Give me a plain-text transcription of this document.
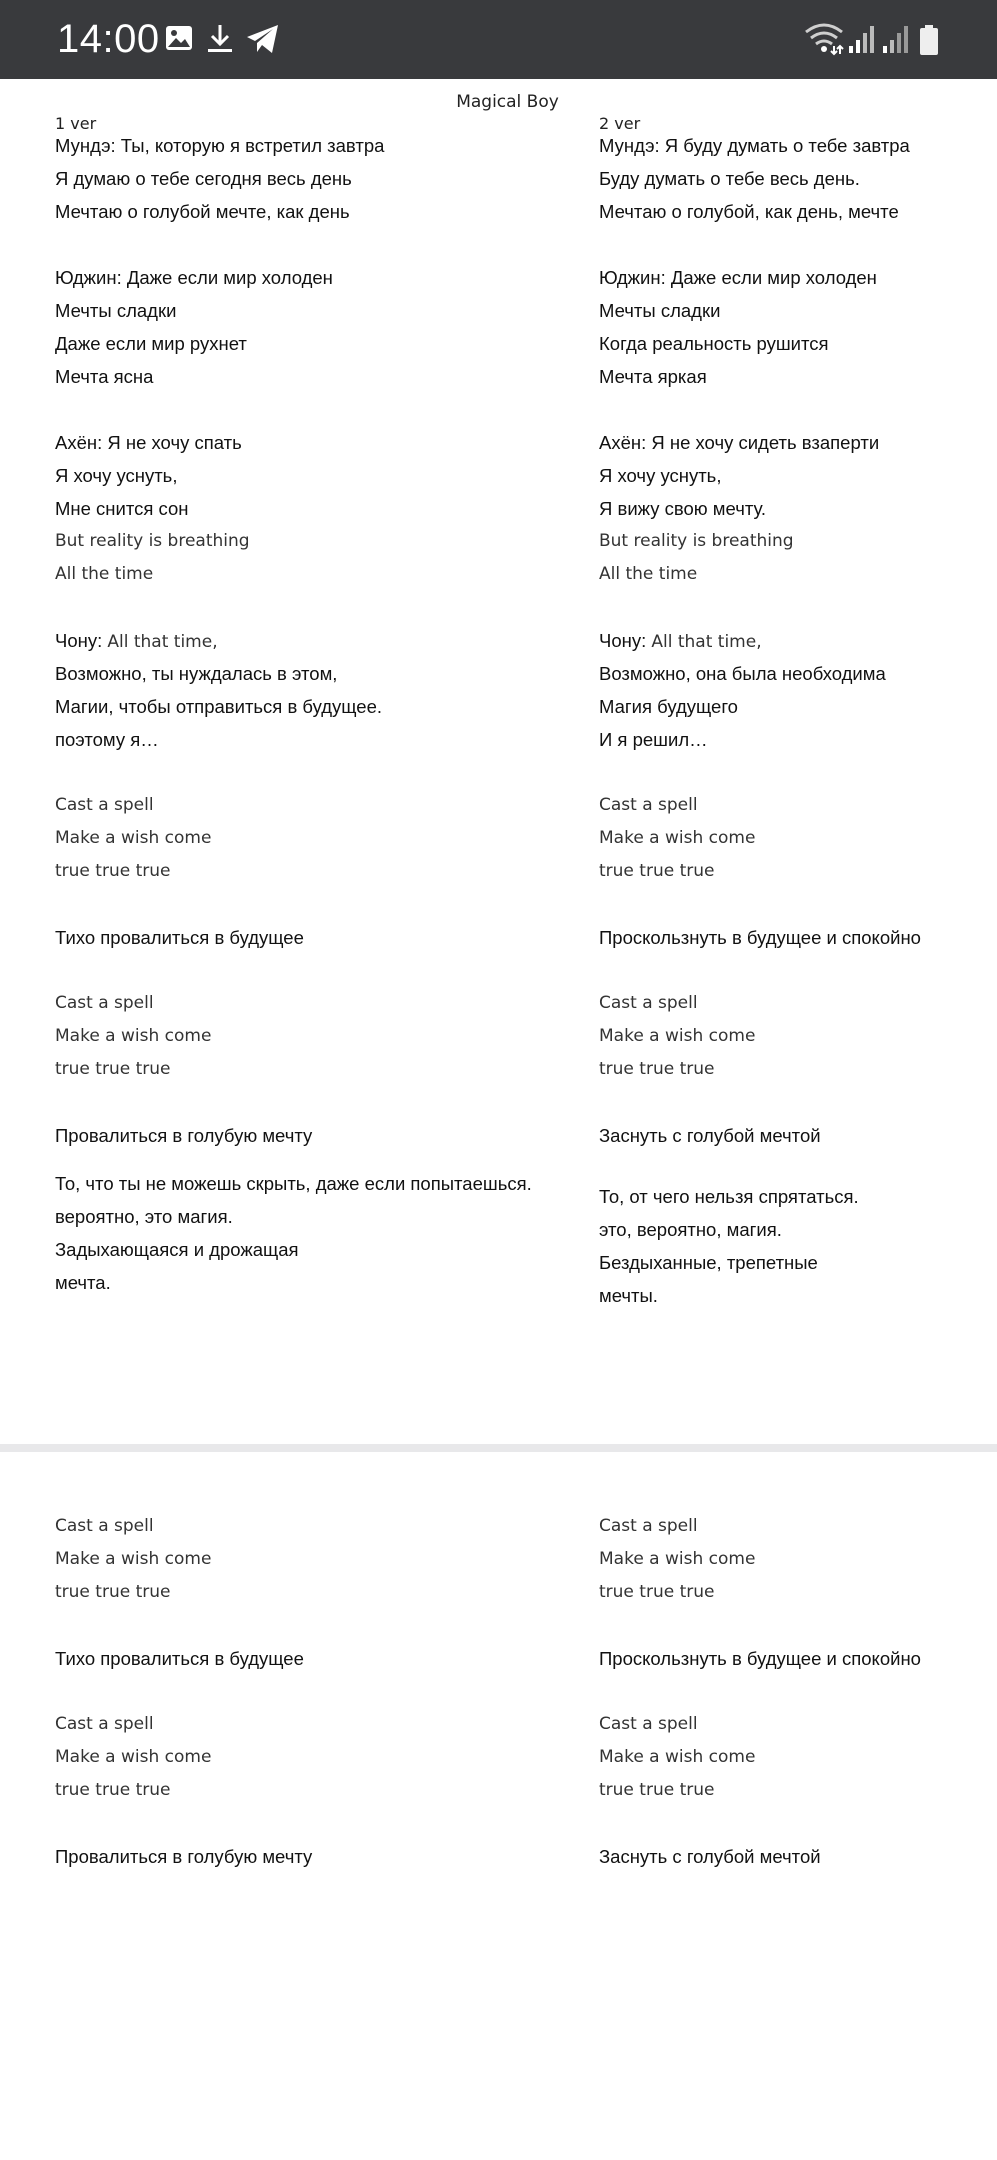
14:00
Magical Boy
1 ver	2 ver
Мундэ: Ты, которую я встретил завтра
Я думаю о тебе сегодня весь день
Мечтаю о голубой мечте, как день
Юджин: Даже если мир холоден
Мечты сладки
Даже если мир рухнет
Мечта ясна
Ахён: Я не хочу спать
Я хочу уснуть,
Мне снится сон
But reality is breathing
All the time
Чону: All that time,
Возможно, ты нуждалась в этом,
Магии, чтобы отправиться в будущее.
поэтому я…
Cast a spell
Make a wish come
true true true
Тихо провалиться в будущее
Cast a spell
Make a wish come
true true true
Провалиться в голубую мечту
То, что ты не можешь скрыть, даже если попытаешься.
вероятно, это магия.
Задыхающаяся и дрожащая
мечта.
Мундэ: Я буду думать о тебе завтра
Буду думать о тебе весь день.
Мечтаю о голубой, как день, мечте
Юджин: Даже если мир холоден
Мечты сладки
Когда реальность рушится
Мечта яркая
Ахён: Я не хочу сидеть взаперти
Я хочу уснуть,
Я вижу свою мечту.
But reality is breathing
All the time
Чону: All that time,
Возможно, она была необходима
Магия будущего
И я решил…
Cast a spell
Make a wish come
true true true
Проскользнуть в будущее и спокойно
Cast a spell
Make a wish come
true true true
Заснуть с голубой мечтой
То, от чего нельзя спрятаться.
это, вероятно, магия.
Бездыханные, трепетные
мечты.
Cast a spell
Make a wish come
true true true
Тихо провалиться в будущее
Cast a spell
Make a wish come
true true true
Провалиться в голубую мечту
Cast a spell
Make a wish come
true true true
Проскользнуть в будущее и спокойно
Cast a spell
Make a wish come
true true true
Заснуть с голубой мечтой
